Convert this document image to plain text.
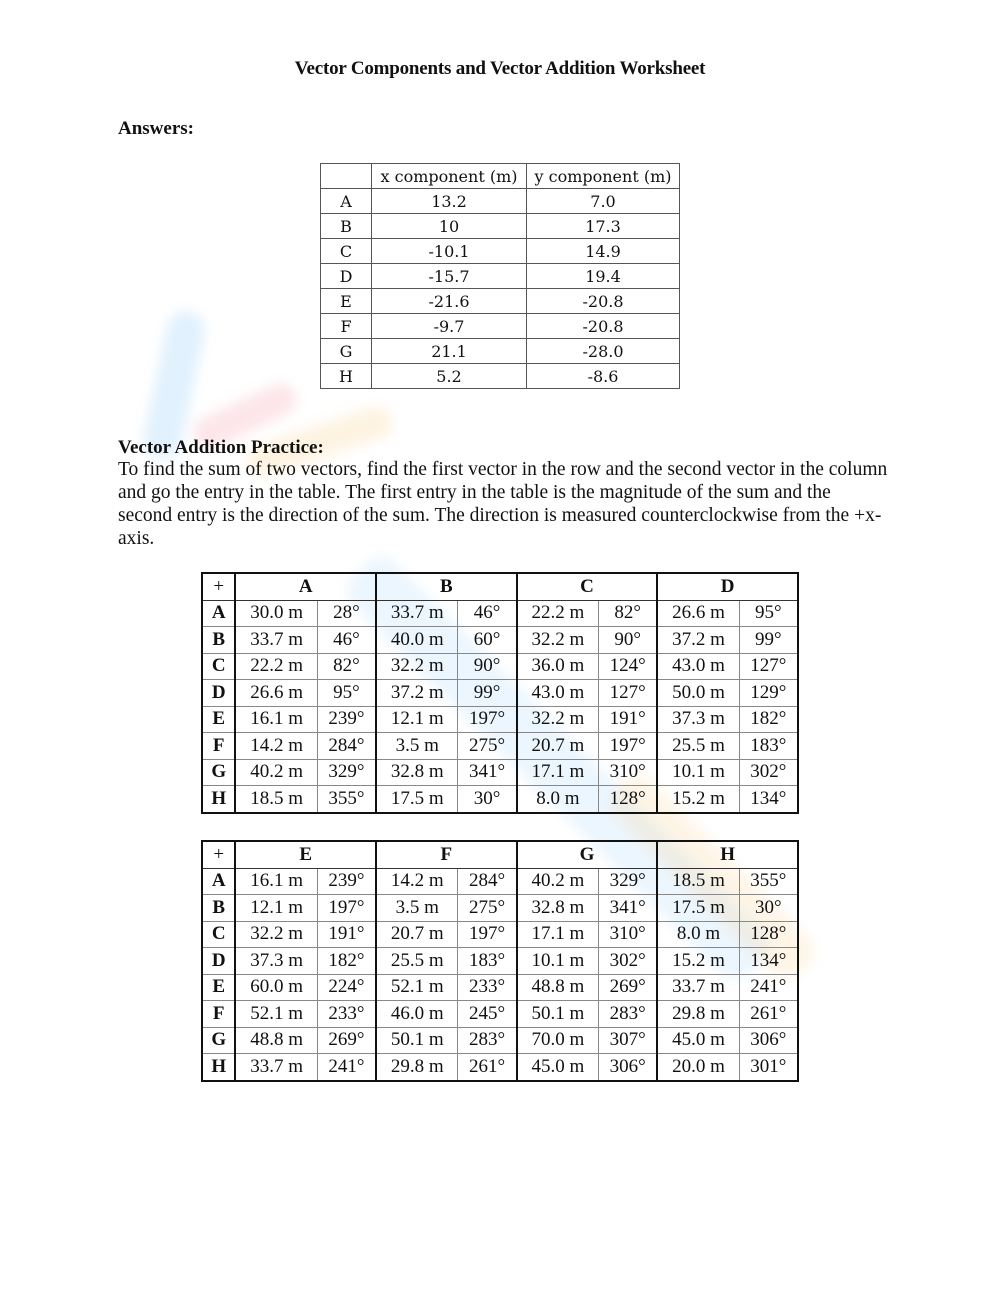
Vector Components and Vector Addition Worksheet
Answers:
	x component (m)	y component (m)
A	13.2	7.0
B	10	17.3
C	-10.1	14.9
D	-15.7	19.4
E	-21.6	-20.8
F	-9.7	-20.8
G	21.1	-28.0
H	5.2	-8.6
Vector Addition Practice:
To find the sum of two vectors, find the first vector in the row and the second vector in the column and go the entry in the table. The first entry in the table is the magnitude of the sum and the second entry is the direction of the sum. The direction is measured counterclockwise from the +x-axis.
+	A		B		C		D	
A	30.0 m	28°	33.7 m	46°	22.2 m	82°	26.6 m	95°
B	33.7 m	46°	40.0 m	60°	32.2 m	90°	37.2 m	99°
C	22.2 m	82°	32.2 m	90°	36.0 m	124°	43.0 m	127°
D	26.6 m	95°	37.2 m	99°	43.0 m	127°	50.0 m	129°
E	16.1 m	239°	12.1 m	197°	32.2 m	191°	37.3 m	182°
F	14.2 m	284°	3.5 m	275°	20.7 m	197°	25.5 m	183°
G	40.2 m	329°	32.8 m	341°	17.1 m	310°	10.1 m	302°
H	18.5 m	355°	17.5 m	30°	8.0 m	128°	15.2 m	134°
+	E		F		G		H	
A	16.1 m	239°	14.2 m	284°	40.2 m	329°	18.5 m	355°
B	12.1 m	197°	3.5 m	275°	32.8 m	341°	17.5 m	30°
C	32.2 m	191°	20.7 m	197°	17.1 m	310°	8.0 m	128°
D	37.3 m	182°	25.5 m	183°	10.1 m	302°	15.2 m	134°
E	60.0 m	224°	52.1 m	233°	48.8 m	269°	33.7 m	241°
F	52.1 m	233°	46.0 m	245°	50.1 m	283°	29.8 m	261°
G	48.8 m	269°	50.1 m	283°	70.0 m	307°	45.0 m	306°
H	33.7 m	241°	29.8 m	261°	45.0 m	306°	20.0 m	301°
